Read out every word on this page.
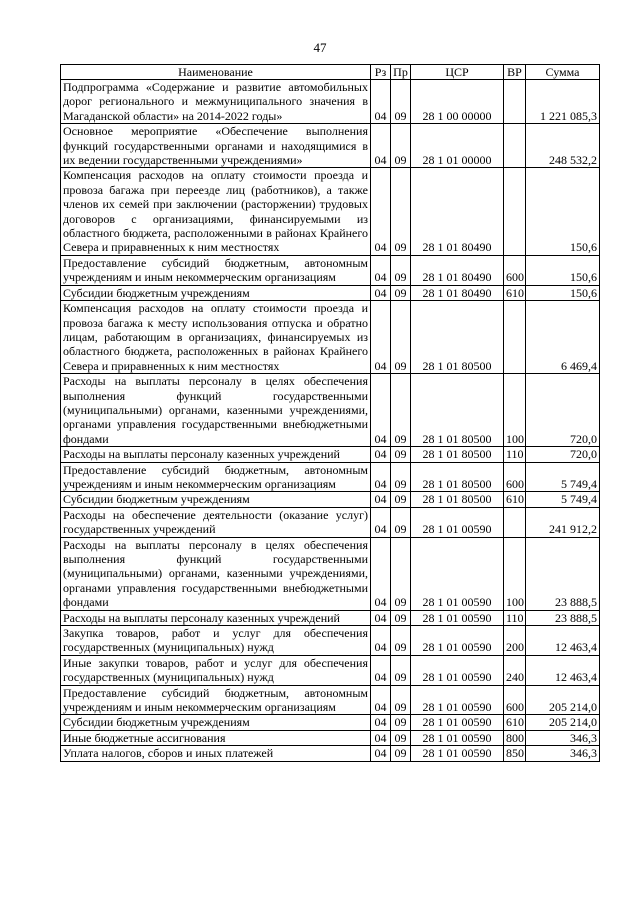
47
Наименование	Рз	Пр	ЦСР	ВР	Сумма
Подпрограмма «Содержание и развитие автомобильных дорог регионального и межмуниципального значения в Магаданской области» на 2014-2022 годы»	04	09	28 1 00 00000		1 221 085,3
Основное мероприятие «Обеспечение выполнения функций государственными органами и находящимися в их ведении государственными учреждениями»	04	09	28 1 01 00000		248 532,2
Компенсация расходов на оплату стоимости проезда и провоза багажа при переезде лиц (работников), а также членов их семей при заключении (расторжении) трудовых договоров с организациями, финансируемыми из областного бюджета, расположенными в районах Крайнего Севера и приравненных к ним местностях	04	09	28 1 01 80490		150,6
Предоставление субсидий бюджетным, автономным учреждениям и иным некоммерческим организациям	04	09	28 1 01 80490	600	150,6
Субсидии бюджетным учреждениям	04	09	28 1 01 80490	610	150,6
Компенсация расходов на оплату стоимости проезда и провоза багажа к месту использования отпуска и обратно лицам, работающим в организациях, финансируемых из областного бюджета, расположенных в районах Крайнего Севера и приравненных к ним местностях	04	09	28 1 01 80500		6 469,4
Расходы на выплаты персоналу в целях обеспечения выполнения функций государственными (муниципальными) органами, казенными учреждениями, органами управления государственными внебюджетными фондами	04	09	28 1 01 80500	100	720,0
Расходы на выплаты персоналу казенных учреждений	04	09	28 1 01 80500	110	720,0
Предоставление субсидий бюджетным, автономным учреждениям и иным некоммерческим организациям	04	09	28 1 01 80500	600	5 749,4
Субсидии бюджетным учреждениям	04	09	28 1 01 80500	610	5 749,4
Расходы на обеспечение деятельности (оказание услуг) государственных учреждений	04	09	28 1 01 00590		241 912,2
Расходы на выплаты персоналу в целях обеспечения выполнения функций государственными (муниципальными) органами, казенными учреждениями, органами управления государственными внебюджетными фондами	04	09	28 1 01 00590	100	23 888,5
Расходы на выплаты персоналу казенных учреждений	04	09	28 1 01 00590	110	23 888,5
Закупка товаров, работ и услуг для обеспечения государственных (муниципальных) нужд	04	09	28 1 01 00590	200	12 463,4
Иные закупки товаров, работ и услуг для обеспечения государственных (муниципальных) нужд	04	09	28 1 01 00590	240	12 463,4
Предоставление субсидий бюджетным, автономным учреждениям и иным некоммерческим организациям	04	09	28 1 01 00590	600	205 214,0
Субсидии бюджетным учреждениям	04	09	28 1 01 00590	610	205 214,0
Иные бюджетные ассигнования	04	09	28 1 01 00590	800	346,3
Уплата налогов, сборов и иных платежей	04	09	28 1 01 00590	850	346,3
